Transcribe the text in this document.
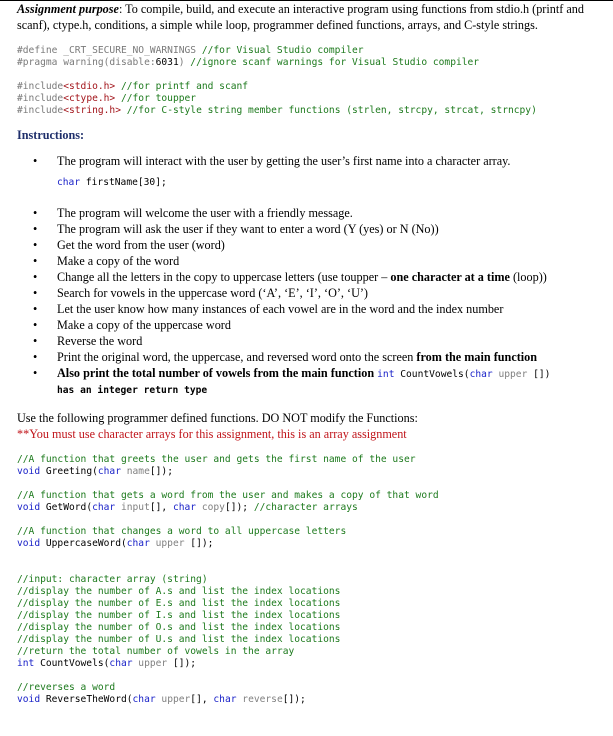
Assignment purpose: To compile, build, and execute an interactive program using functions from stdio.h (printf and scanf), ctype.h, conditions, a simple while loop, programmer defined functions, arrays, and C-style strings.
#define _CRT_SECURE_NO_WARNINGS //for Visual Studio compiler
#pragma warning(disable:6031) //ignore scanf warnings for Visual Studio compiler
#include<stdio.h> //for printf and scanf
#include<ctype.h> //for toupper
#include<string.h> //for C-style string member functions (strlen, strcpy, strcat, strncpy)
Instructions:
• The program will interact with the user by getting the user’s first name into a character array.
char firstName[30];
• The program will welcome the user with a friendly message.
• The program will ask the user if they want to enter a word (Y (yes) or N (No))
• Get the word from the user (word)
• Make a copy of the word
• Change all the letters in the copy to uppercase letters (use toupper – one character at a time (loop))
• Search for vowels in the uppercase word (‘A’, ‘E’, ‘I’, ‘O’, ‘U’)
• Let the user know how many instances of each vowel are in the word and the index number
• Make a copy of the uppercase word
• Reverse the word
• Print the original word, the uppercase, and reversed word onto the screen from the main function
• Also print the total number of vowels from the main function int CountVowels(char upper [])
has an integer return type
Use the following programmer defined functions. DO NOT modify the Functions:
**You must use character arrays for this assignment, this is an array assignment
//A function that greets the user and gets the first name of the user
void Greeting(char name[]);
//A function that gets a word from the user and makes a copy of that word
void GetWord(char input[], char copy[]); //character arrays
//A function that changes a word to all uppercase letters
void UppercaseWord(char upper []);
//input: character array (string)
//display the number of A.s and list the index locations
//display the number of E.s and list the index locations
//display the number of I.s and list the index locations
//display the number of O.s and list the index locations
//display the number of U.s and list the index locations
//return the total number of vowels in the array
int CountVowels(char upper []);
//reverses a word
void ReverseTheWord(char upper[], char reverse[]);
